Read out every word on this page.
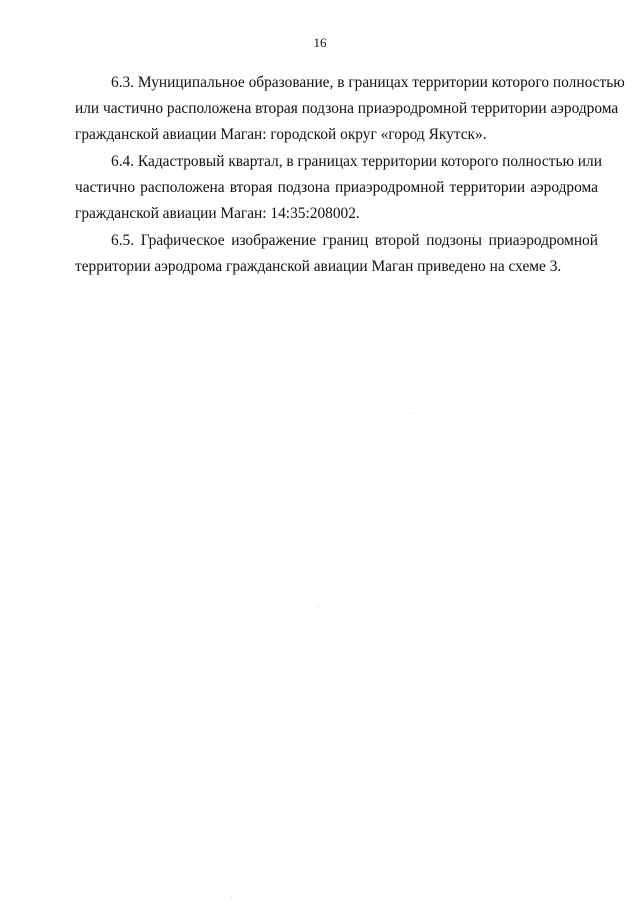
16

6.3. Муниципальное образование, в границах территории которого полностью
или частично расположена вторая подзона приаэродромной территории аэродрома
гражданской авиации Маган: городской округ «город Якутск».

6.4. Кадастровый квартал, в границах территории которого полностью или
частично расположена вторая подзона приаэродромной территории аэродрома
гражданской авиации Маган: 14:35:208002.

6.5. Графическое изображение границ второй подзоны приаэродромной
территории аэродрома гражданской авиации Маган приведено на схеме 3.
